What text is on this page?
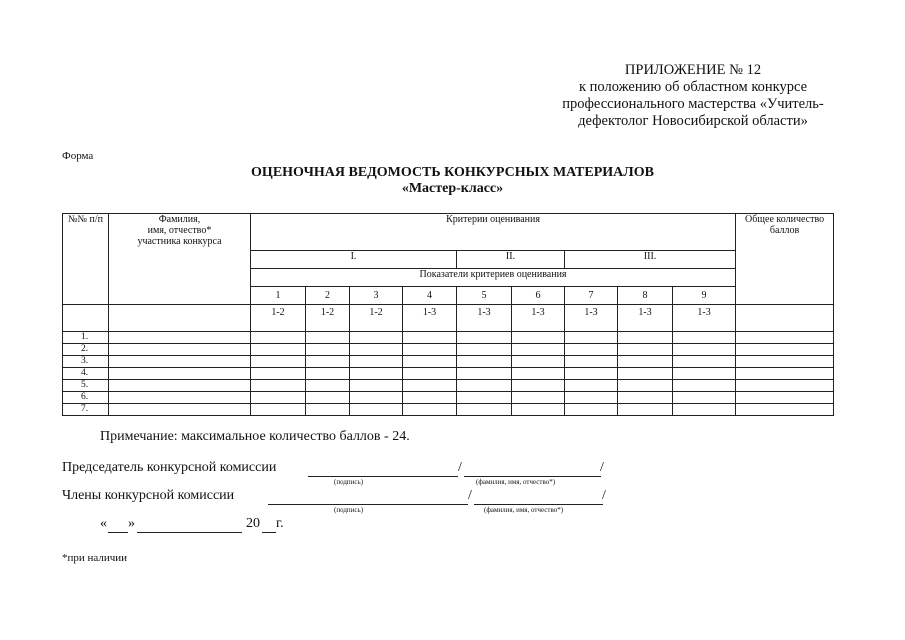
ПРИЛОЖЕНИЕ № 12
к положению об областном конкурсе
профессионального мастерства «Учитель-
дефектолог Новосибирской области»
Форма
ОЦЕНОЧНАЯ ВЕДОМОСТЬ КОНКУРСНЫХ МАТЕРИАЛОВ
«Мастер-класс»
№№ п/п	Фамилия,
имя, отчество*
участника конкурса	Критерии оценивания									Общее количество баллов
		I.				II.		III.			
		Показатели критериев оценивания									
		1	2	3	4	5	6	7	8	9	
		1-2	1-2	1-2	1-3	1-3	1-3	1-3	1-3	1-3	
1.											
2.											
3.											
4.											
5.											
6.											
7.											
Примечание: максимальное количество баллов - 24.
Председатель конкурсной комиссии	/	/
(подпись)	(фамилия, имя, отчество*)
Члены конкурсной комиссии	/	/
(подпись)	(фамилия, имя, отчество*)
« »	20 г.
*при наличии
